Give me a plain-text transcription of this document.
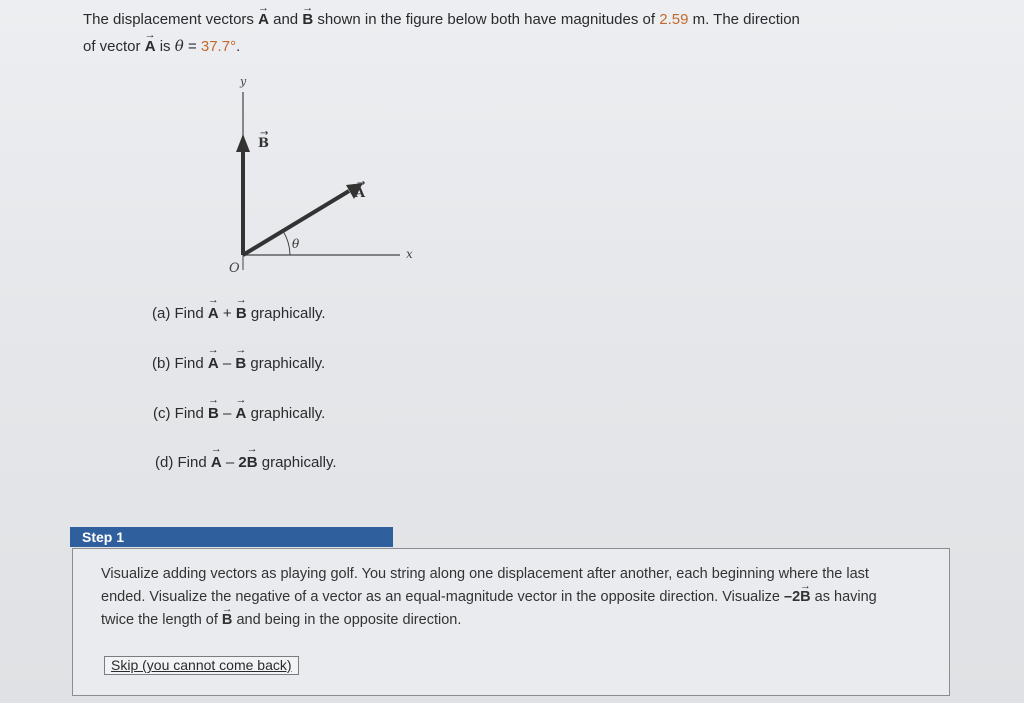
The displacement vectors → A and → B shown in the figure below both have magnitudes of 2.59 m. The direction
of vector → A is θ = 37.7°.
y
x
O
B
→
A
→
θ
(a) Find → A + → B graphically.
(b) Find → A – → B graphically.
(c) Find → B – → A graphically.
(d) Find → A – 2→ B graphically.
Step 1
Visualize adding vectors as playing golf. You string along one displacement after another, each beginning where the last ended. Visualize the negative of a vector as an equal-magnitude vector in the opposite direction. Visualize –2→ B as having twice the length of → B and being in the opposite direction.
Skip (you cannot come back)
